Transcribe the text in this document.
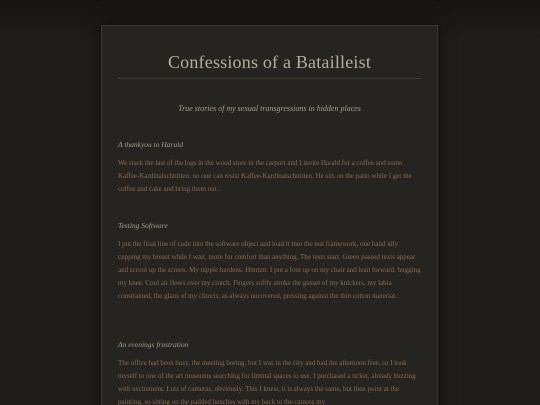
Confessions of a Batailleist
True stories of my sexual transgressions in hidden places

A thankyou to Harald

We stack the last of the logs in the wood store in the carport and I invite Harald for a coffee and some Kaffee-Kardinalschnitten. no one can resist Kaffee-Kardinalschnitten. He sits on the patio while I get the coffee and cake and bring them out...

Testing Software

I put the final line of code into the software object and load it into the test framework, one hand idly cupping my breast while I wait, more for comfort than anything. The tests start. Green passed texts appear and scrool up the screen. My nipple hardens. Hmmm. I put a foot up on my chair and lean forward, hugging my knee. Cool air flows over my crotch. Fingers softly stroke the gusset of my knickers, my labia constrained, the glans of my clitoris, as always uncovered, pressing against the thin cotton material.

An evenings frustration

The office had been busy, the meeting boring, but I was in the city and had the afternoon free, so I took myself to one of the art museums searching for liminal spaces to use. I purchased a ticket, already buzzing with excitement. Lots of cameras, obviously. This I knew, it is always the same, but then point at the painting, so sitting on the padded benches with my back to the camera my
